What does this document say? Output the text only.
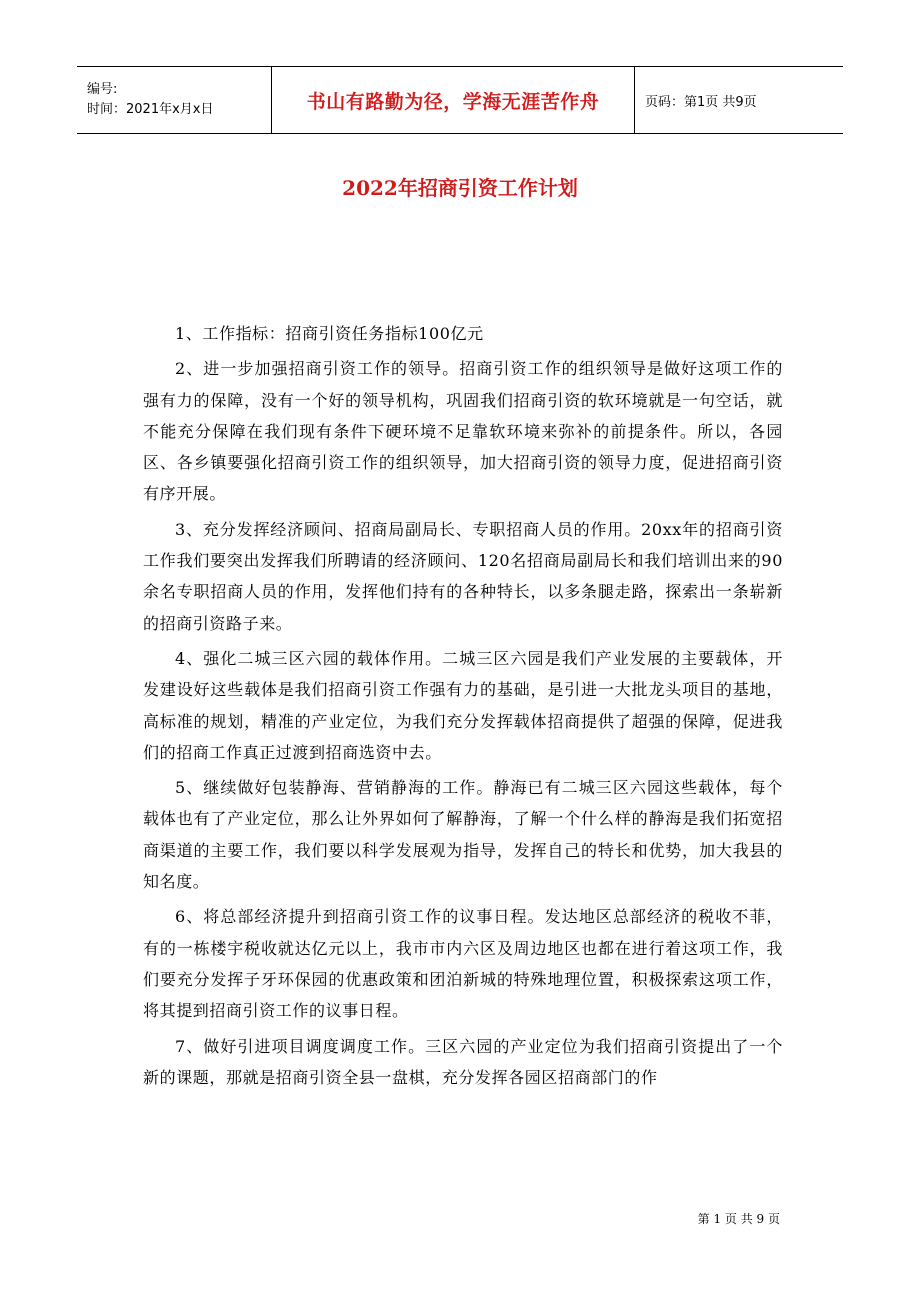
编号:
时间：2021年x月x日	书山有路勤为径，学海无涯苦作舟	页码：第1页 共9页
2022年招商引资工作计划

1、工作指标：招商引资任务指标100亿元

2、进一步加强招商引资工作的领导。招商引资工作的组织领导是做好这项工作的强有力的保障，没有一个好的领导机构，巩固我们招商引资的软环境就是一句空话，就不能充分保障在我们现有条件下硬环境不足靠软环境来弥补的前提条件。所以，各园区、各乡镇要强化招商引资工作的组织领导，加大招商引资的领导力度，促进招商引资有序开展。

3、充分发挥经济顾问、招商局副局长、专职招商人员的作用。20xx年的招商引资工作我们要突出发挥我们所聘请的经济顾问、120名招商局副局长和我们培训出来的90余名专职招商人员的作用，发挥他们持有的各种特长，以多条腿走路，探索出一条崭新的招商引资路子来。

4、强化二城三区六园的载体作用。二城三区六园是我们产业发展的主要载体，开发建设好这些载体是我们招商引资工作强有力的基础，是引进一大批龙头项目的基地，高标准的规划，精准的产业定位，为我们充分发挥载体招商提供了超强的保障，促进我们的招商工作真正过渡到招商选资中去。

5、继续做好包装静海、营销静海的工作。静海已有二城三区六园这些载体，每个载体也有了产业定位，那么让外界如何了解静海，了解一个什么样的静海是我们拓宽招商渠道的主要工作，我们要以科学发展观为指导，发挥自己的特长和优势，加大我县的知名度。

6、将总部经济提升到招商引资工作的议事日程。发达地区总部经济的税收不菲，有的一栋楼宇税收就达亿元以上，我市市内六区及周边地区也都在进行着这项工作，我们要充分发挥子牙环保园的优惠政策和团泊新城的特殊地理位置，积极探索这项工作，将其提到招商引资工作的议事日程。

7、做好引进项目调度调度工作。三区六园的产业定位为我们招商引资提出了一个新的课题，那就是招商引资全县一盘棋，充分发挥各园区招商部门的作

第 1 页 共 9 页
